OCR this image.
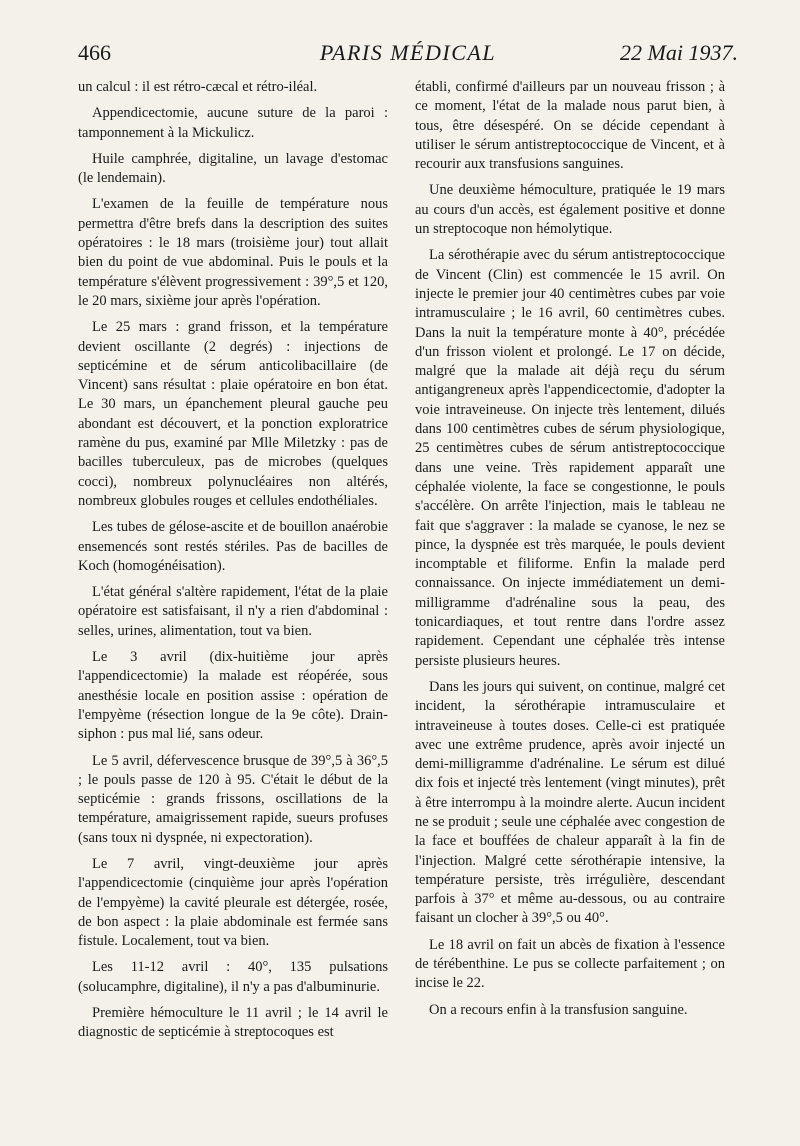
466	PARIS MÉDICAL	22 Mai 1937.

un calcul : il est rétro-cæcal et rétro-iléal.

Appendicectomie, aucune suture de la paroi : tamponnement à la Mickulicz.

Huile camphrée, digitaline, un lavage d'estomac (le lendemain).

L'examen de la feuille de température nous permettra d'être brefs dans la description des suites opératoires : le 18 mars (troisième jour) tout allait bien du point de vue abdominal. Puis le pouls et la température s'élèvent progressivement : 39°,5 et 120, le 20 mars, sixième jour après l'opération.

Le 25 mars : grand frisson, et la température devient oscillante (2 degrés) : injections de septicémine et de sérum anticolibacillaire (de Vincent) sans résultat : plaie opératoire en bon état. Le 30 mars, un épanchement pleural gauche peu abondant est découvert, et la ponction exploratrice ramène du pus, examiné par Mlle Miletzky : pas de bacilles tuberculeux, pas de microbes (quelques cocci), nombreux polynucléaires non altérés, nombreux globules rouges et cellules endothéliales.

Les tubes de gélose-ascite et de bouillon anaérobie ensemencés sont restés stériles. Pas de bacilles de Koch (homogénéisation).

L'état général s'altère rapidement, l'état de la plaie opératoire est satisfaisant, il n'y a rien d'abdominal : selles, urines, alimentation, tout va bien.

Le 3 avril (dix-huitième jour après l'appendicectomie) la malade est réopérée, sous anesthésie locale en position assise : opération de l'empyème (résection longue de la 9e côte). Drain-siphon : pus mal lié, sans odeur.

Le 5 avril, défervescence brusque de 39°,5 à 36°,5 ; le pouls passe de 120 à 95. C'était le début de la septicémie : grands frissons, oscillations de la température, amaigrissement rapide, sueurs profuses (sans toux ni dyspnée, ni expectoration).

Le 7 avril, vingt-deuxième jour après l'appendicectomie (cinquième jour après l'opération de l'empyème) la cavité pleurale est détergée, rosée, de bon aspect : la plaie abdominale est fermée sans fistule. Localement, tout va bien.

Les 11-12 avril : 40°, 135 pulsations (solucamphre, digitaline), il n'y a pas d'albuminurie.

Première hémoculture le 11 avril ; le 14 avril le diagnostic de septicémie à streptocoques est

établi, confirmé d'ailleurs par un nouveau frisson ; à ce moment, l'état de la malade nous parut bien, à tous, être désespéré. On se décide cependant à utiliser le sérum antistreptococcique de Vincent, et à recourir aux transfusions sanguines.

Une deuxième hémoculture, pratiquée le 19 mars au cours d'un accès, est également positive et donne un streptocoque non hémolytique.

La sérothérapie avec du sérum antistreptococcique de Vincent (Clin) est commencée le 15 avril. On injecte le premier jour 40 centimètres cubes par voie intramusculaire ; le 16 avril, 60 centimètres cubes. Dans la nuit la température monte à 40°, précédée d'un frisson violent et prolongé. Le 17 on décide, malgré que la malade ait déjà reçu du sérum antigangreneux après l'appendicectomie, d'adopter la voie intraveineuse. On injecte très lentement, dilués dans 100 centimètres cubes de sérum physiologique, 25 centimètres cubes de sérum antistreptococcique dans une veine. Très rapidement apparaît une céphalée violente, la face se congestionne, le pouls s'accélère. On arrête l'injection, mais le tableau ne fait que s'aggraver : la malade se cyanose, le nez se pince, la dyspnée est très marquée, le pouls devient incomptable et filiforme. Enfin la malade perd connaissance. On injecte immédiatement un demi-milligramme d'adrénaline sous la peau, des tonicardiaques, et tout rentre dans l'ordre assez rapidement. Cependant une céphalée très intense persiste plusieurs heures.

Dans les jours qui suivent, on continue, malgré cet incident, la sérothérapie intramusculaire et intraveineuse à toutes doses. Celle-ci est pratiquée avec une extrême prudence, après avoir injecté un demi-milligramme d'adrénaline. Le sérum est dilué dix fois et injecté très lentement (vingt minutes), prêt à être interrompu à la moindre alerte. Aucun incident ne se produit ; seule une céphalée avec congestion de la face et bouffées de chaleur apparaît à la fin de l'injection. Malgré cette sérothérapie intensive, la température persiste, très irrégulière, descendant parfois à 37° et même au-dessous, ou au contraire faisant un clocher à 39°,5 ou 40°.

Le 18 avril on fait un abcès de fixation à l'essence de térébenthine. Le pus se collecte parfaitement ; on incise le 22.

On a recours enfin à la transfusion sanguine.
